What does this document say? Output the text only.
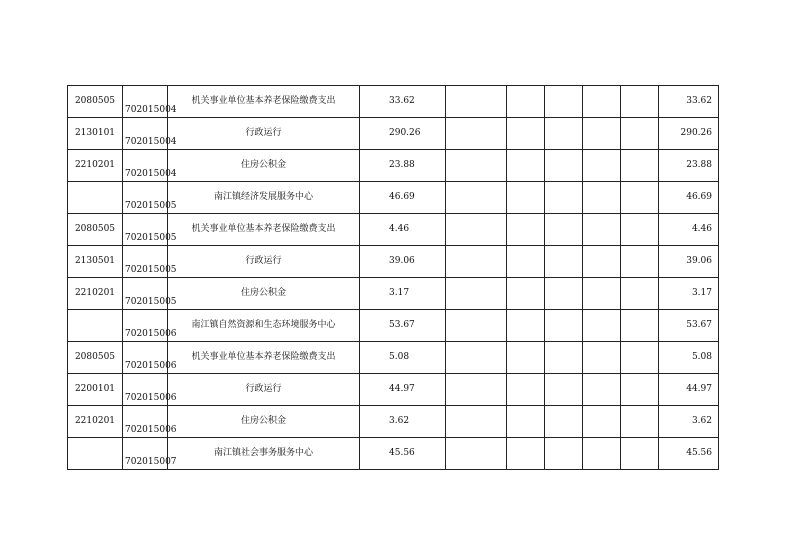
2080505	702015004	机关事业单位基本养老保险缴费支出	33.62						33.62
2130101	702015004	行政运行	290.26						290.26
2210201	702015004	住房公积金	23.88						23.88
	702015005	南江镇经济发展服务中心	46.69						46.69
2080505	702015005	机关事业单位基本养老保险缴费支出	4.46						4.46
2130501	702015005	行政运行	39.06						39.06
2210201	702015005	住房公积金	3.17						3.17
	702015006	南江镇自然资源和生态环境服务中心	53.67						53.67
2080505	702015006	机关事业单位基本养老保险缴费支出	5.08						5.08
2200101	702015006	行政运行	44.97						44.97
2210201	702015006	住房公积金	3.62						3.62
	702015007	南江镇社会事务服务中心	45.56						45.56
